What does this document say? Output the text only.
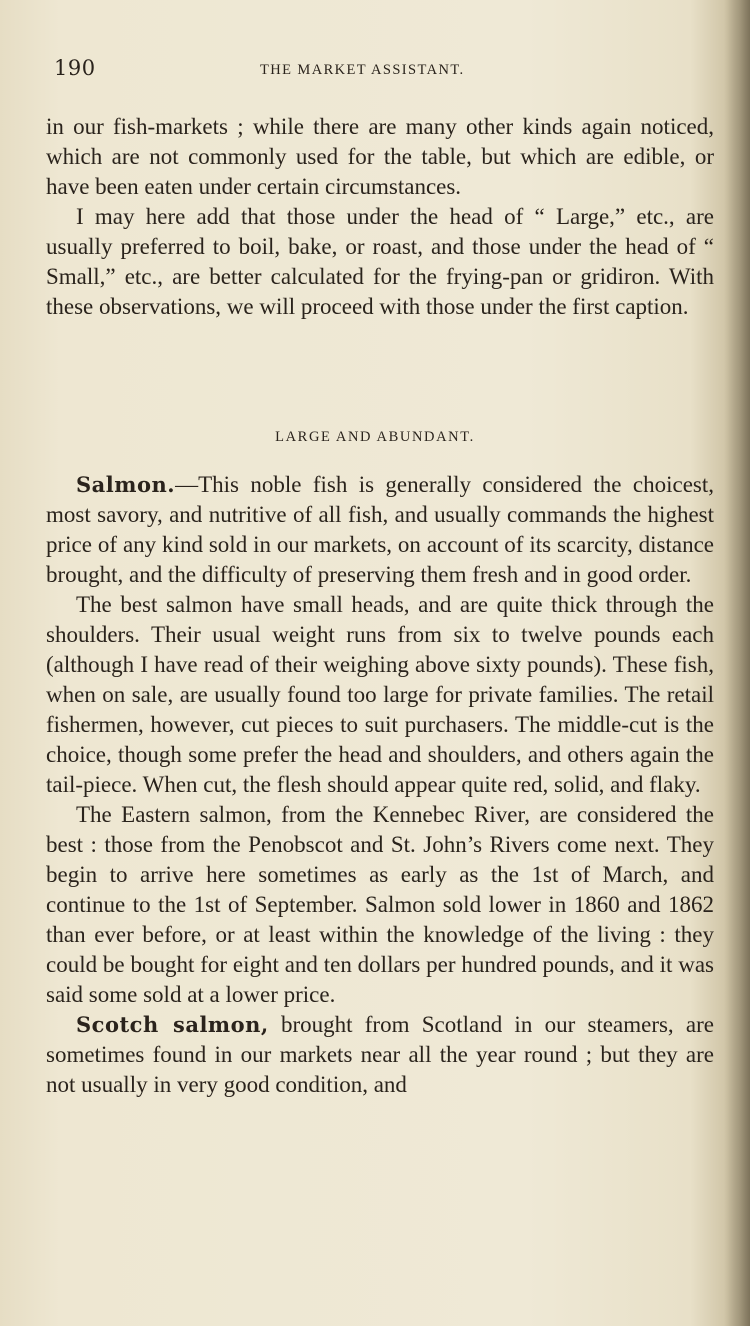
190	THE MARKET ASSISTANT.

in our fish-markets ; while there are many other kinds again noticed, which are not commonly used for the table, but which are edible, or have been eaten under certain circumstances.

I may here add that those under the head of “ Large,” etc., are usually preferred to boil, bake, or roast, and those under the head of “ Small,” etc., are better calculated for the frying-pan or gridiron. With these observations, we will proceed with those under the first caption.

LARGE AND ABUNDANT.

Salmon.—This noble fish is generally considered the choicest, most savory, and nutritive of all fish, and usually commands the highest price of any kind sold in our markets, on account of its scarcity, distance brought, and the difficulty of preserving them fresh and in good order.

The best salmon have small heads, and are quite thick through the shoulders. Their usual weight runs from six to twelve pounds each (although I have read of their weighing above sixty pounds). These fish, when on sale, are usually found too large for private families. The retail fishermen, however, cut pieces to suit purchasers. The middle-cut is the choice, though some prefer the head and shoulders, and others again the tail-piece. When cut, the flesh should appear quite red, solid, and flaky.

The Eastern salmon, from the Kennebec River, are considered the best : those from the Penobscot and St. John’s Rivers come next. They begin to arrive here sometimes as early as the 1st of March, and continue to the 1st of September. Salmon sold lower in 1860 and 1862 than ever before, or at least within the knowledge of the living : they could be bought for eight and ten dollars per hundred pounds, and it was said some sold at a lower price.

Scotch salmon, brought from Scotland in our steamers, are sometimes found in our markets near all the year round ; but they are not usually in very good condition, and
